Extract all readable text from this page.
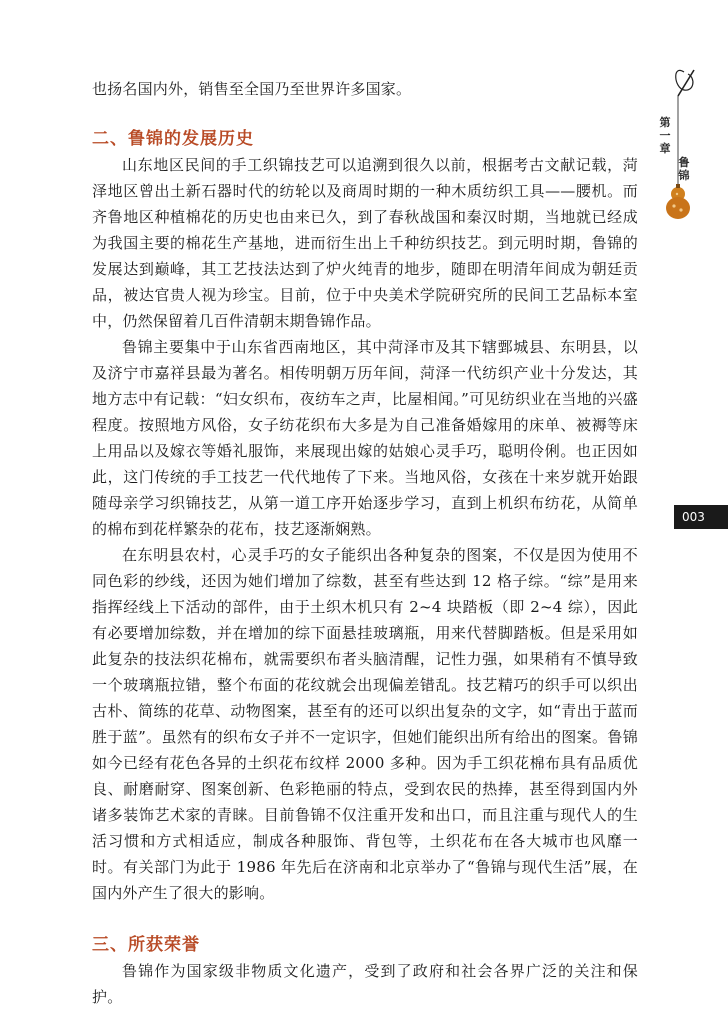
第一章
鲁锦
003

也扬名国内外，销售至全国乃至世界许多国家。

二、鲁锦的发展历史

山东地区民间的手工织锦技艺可以追溯到很久以前，根据考古文献记载，菏泽地区曾出土新石器时代的纺轮以及商周时期的一种木质纺织工具——腰机。而齐鲁地区种植棉花的历史也由来已久，到了春秋战国和秦汉时期，当地就已经成为我国主要的棉花生产基地，进而衍生出上千种纺织技艺。到元明时期，鲁锦的发展达到巅峰，其工艺技法达到了炉火纯青的地步，随即在明清年间成为朝廷贡品，被达官贵人视为珍宝。目前，位于中央美术学院研究所的民间工艺品标本室中，仍然保留着几百件清朝末期鲁锦作品。

鲁锦主要集中于山东省西南地区，其中菏泽市及其下辖鄄城县、东明县，以及济宁市嘉祥县最为著名。相传明朝万历年间，菏泽一代纺织产业十分发达，其地方志中有记载：“妇女织布，夜纺车之声，比屋相闻。”可见纺织业在当地的兴盛程度。按照地方风俗，女子纺花织布大多是为自己准备婚嫁用的床单、被褥等床上用品以及嫁衣等婚礼服饰，来展现出嫁的姑娘心灵手巧，聪明伶俐。也正因如此，这门传统的手工技艺一代代地传了下来。当地风俗，女孩在十来岁就开始跟随母亲学习织锦技艺，从第一道工序开始逐步学习，直到上机织布纺花，从简单的棉布到花样繁杂的花布，技艺逐渐娴熟。

在东明县农村，心灵手巧的女子能织出各种复杂的图案，不仅是因为使用不同色彩的纱线，还因为她们增加了综数，甚至有些达到 12 格子综。“综”是用来指挥经线上下活动的部件，由于土织木机只有 2~4 块踏板（即 2~4 综），因此有必要增加综数，并在增加的综下面悬挂玻璃瓶，用来代替脚踏板。但是采用如此复杂的技法织花棉布，就需要织布者头脑清醒，记性力强，如果稍有不慎导致一个玻璃瓶拉错，整个布面的花纹就会出现偏差错乱。技艺精巧的织手可以织出古朴、简练的花草、动物图案，甚至有的还可以织出复杂的文字，如“青出于蓝而胜于蓝”。虽然有的织布女子并不一定识字，但她们能织出所有给出的图案。鲁锦如今已经有花色各异的土织花布纹样 2000 多种。因为手工织花棉布具有品质优良、耐磨耐穿、图案创新、色彩艳丽的特点，受到农民的热捧，甚至得到国内外诸多装饰艺术家的青睐。目前鲁锦不仅注重开发和出口，而且注重与现代人的生活习惯和方式相适应，制成各种服饰、背包等，土织花布在各大城市也风靡一时。有关部门为此于 1986 年先后在济南和北京举办了“鲁锦与现代生活”展，在国内外产生了很大的影响。

三、所获荣誉

鲁锦作为国家级非物质文化遗产，受到了政府和社会各界广泛的关注和保护。
